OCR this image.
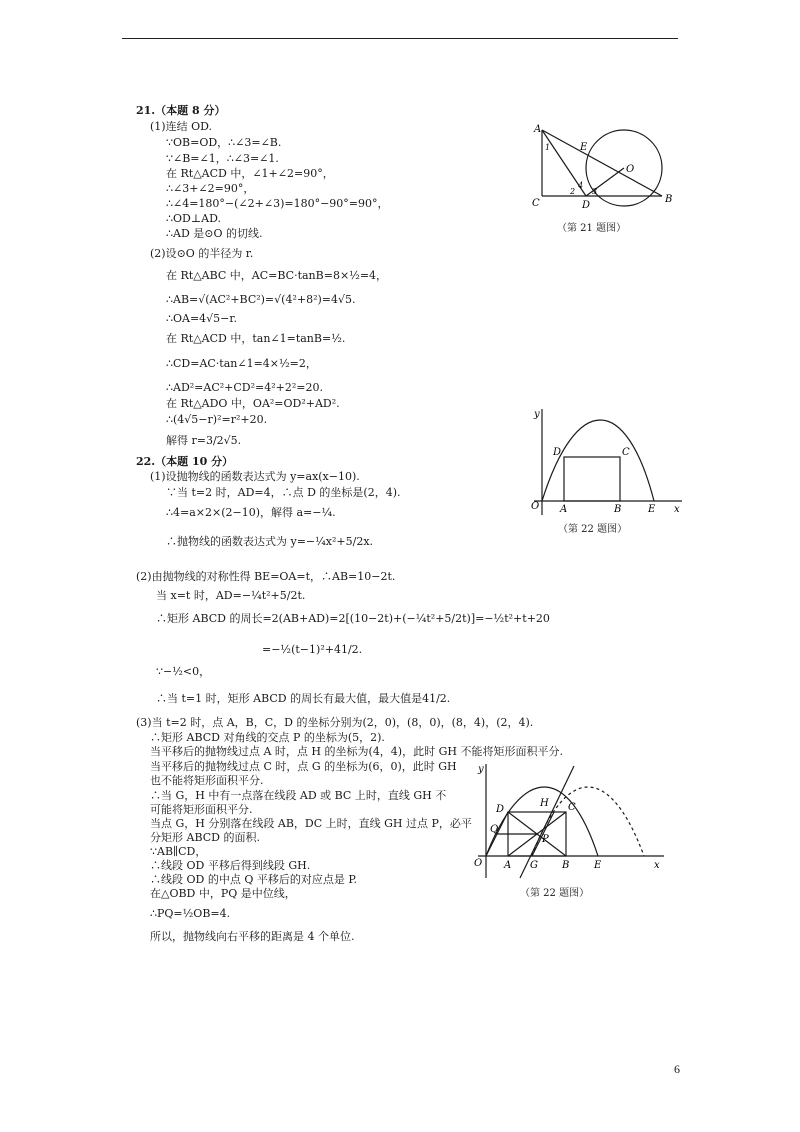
21.（本题 8 分）
(1)连结 OD.
∵OB=OD，∴∠3=∠B.
∵∠B=∠1，∴∠3=∠1.
在 Rt△ACD 中，∠1+∠2=90°，
∴∠3+∠2=90°，
∴∠4=180°−(∠2+∠3)=180°−90°=90°，
∴OD⊥AD.
∴AD 是⊙O 的切线.
(2)设⊙O 的半径为 r.
在 Rt△ABC 中，AC=BC·tanB=8×½=4，
∴AB=√(AC²+BC²)=√(4²+8²)=4√5.
∴OA=4√5−r.
在 Rt△ACD 中，tan∠1=tanB=½.
∴CD=AC·tan∠1=4×½=2，
∴AD²=AC²+CD²=4²+2²=20.
在 Rt△ADO 中，OA²=OD²+AD².
∴(4√5−r)²=r²+20.
解得 r=3/2√5.
22.（本题 10 分）
(1)设抛物线的函数表达式为 y=ax(x−10).
∵当 t=2 时，AD=4，∴点 D 的坐标是(2，4).
∴4=a×2×(2−10)，解得 a=−¼.
∴抛物线的函数表达式为 y=−¼x²+5/2x.
(2)由抛物线的对称性得 BE=OA=t，∴AB=10−2t.
当 x=t 时，AD=−¼t²+5/2t.
∴矩形 ABCD 的周长=2(AB+AD)=2[(10−2t)+(−¼t²+5/2t)]=−½t²+t+20
=−½(t−1)²+41/2.
∵−½<0，
∴当 t=1 时，矩形 ABCD 的周长有最大值，最大值是41/2.
(3)当 t=2 时，点 A，B，C，D 的坐标分别为(2，0)，(8，0)，(8，4)，(2，4).
∴矩形 ABCD 对角线的交点 P 的坐标为(5，2).
当平移后的抛物线过点 A 时，点 H 的坐标为(4，4)，此时 GH 不能将矩形面积平分.
当平移后的抛物线过点 C 时，点 G 的坐标为(6，0)，此时 GH
也不能将矩形面积平分.
∴当 G，H 中有一点落在线段 AD 或 BC 上时，直线 GH 不
可能将矩形面积平分.
当点 G，H 分别落在线段 AB，DC 上时，直线 GH 过点 P，必平
分矩形 ABCD 的面积.
∵AB∥CD，
∴线段 OD 平移后得到线段 GH.
∴线段 OD 的中点 Q 平移后的对应点是 P.
在△OBD 中，PQ 是中位线，
∴PQ=½OB=4.
所以，抛物线向右平移的距离是 4 个单位.
A
E
O
1
2
4
3
C	D
B
（第 21 题图）
y
D	C
O A	B	E x
（第 22 题图）
y
D
H C
Q
P
O A G B E	x
（第 22 题图）
6
